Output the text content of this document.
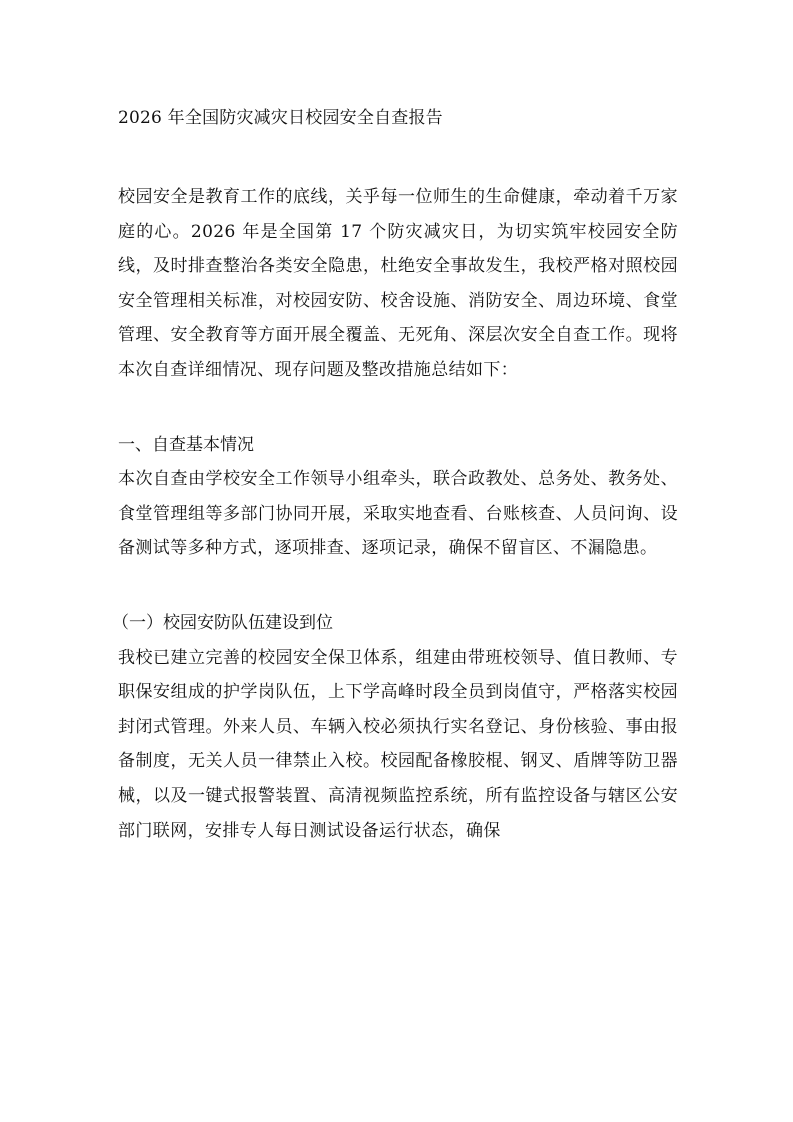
2026 年全国防灾减灾日校园安全自查报告

校园安全是教育工作的底线，关乎每一位师生的生命健康，牵动着千万家庭的心。2026 年是全国第 17 个防灾减灾日，为切实筑牢校园安全防线，及时排查整治各类安全隐患，杜绝安全事故发生，我校严格对照校园安全管理相关标准，对校园安防、校舍设施、消防安全、周边环境、食堂管理、安全教育等方面开展全覆盖、无死角、深层次安全自查工作。现将本次自查详细情况、现存问题及整改措施总结如下：

一、自查基本情况

本次自查由学校安全工作领导小组牵头，联合政教处、总务处、教务处、食堂管理组等多部门协同开展，采取实地查看、台账核查、人员问询、设备测试等多种方式，逐项排查、逐项记录，确保不留盲区、不漏隐患。

（一）校园安防队伍建设到位

我校已建立完善的校园安全保卫体系，组建由带班校领导、值日教师、专职保安组成的护学岗队伍，上下学高峰时段全员到岗值守，严格落实校园封闭式管理。外来人员、车辆入校必须执行实名登记、身份核验、事由报备制度，无关人员一律禁止入校。校园配备橡胶棍、钢叉、盾牌等防卫器械，以及一键式报警装置、高清视频监控系统，所有监控设备与辖区公安部门联网，安排专人每日测试设备运行状态，确保
